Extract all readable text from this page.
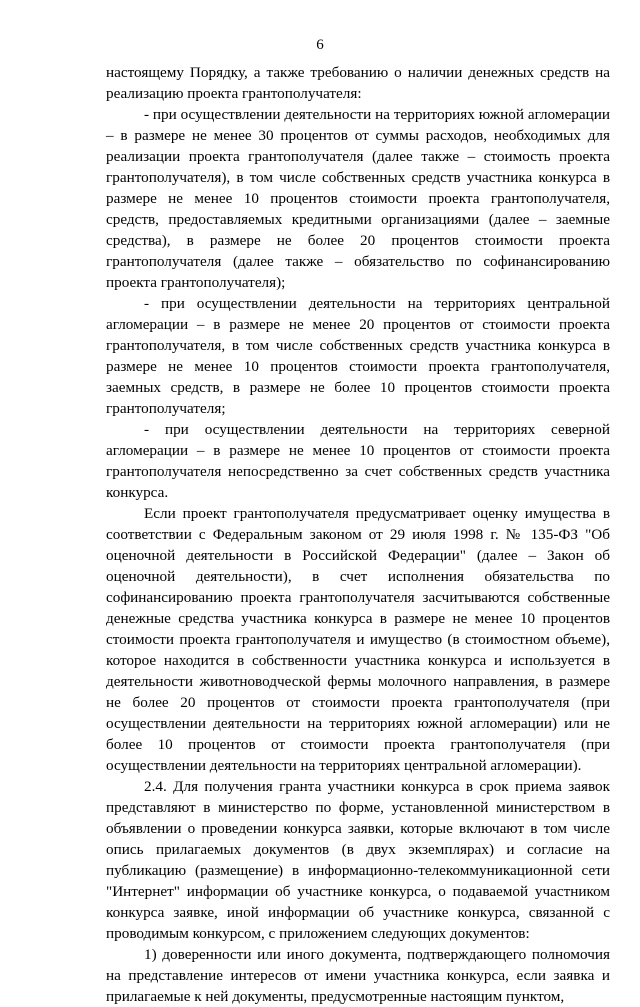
6

настоящему Порядку, а также требованию о наличии денежных средств на реализацию проекта грантополучателя:

- при осуществлении деятельности на территориях южной агломерации – в размере не менее 30 процентов от суммы расходов, необходимых для реализации проекта грантополучателя (далее также – стоимость проекта грантополучателя), в том числе собственных средств участника конкурса в размере не менее 10 процентов стоимости проекта грантополучателя, средств, предоставляемых кредитными организациями (далее – заемные средства), в размере не более 20 процентов стоимости проекта грантополучателя (далее также – обязательство по софинансированию проекта грантополучателя);

- при осуществлении деятельности на территориях центральной агломерации – в размере не менее 20 процентов от стоимости проекта грантополучателя, в том числе собственных средств участника конкурса в размере не менее 10 процентов стоимости проекта грантополучателя, заемных средств, в размере не более 10 процентов стоимости проекта грантополучателя;

- при осуществлении деятельности на территориях северной агломерации – в размере не менее 10 процентов от стоимости проекта грантополучателя непосредственно за счет собственных средств участника конкурса.

Если проект грантополучателя предусматривает оценку имущества в соответствии с Федеральным законом от 29 июля 1998 г. № 135-ФЗ "Об оценочной деятельности в Российской Федерации" (далее – Закон об оценочной деятельности), в счет исполнения обязательства по софинансированию проекта грантополучателя засчитываются собственные денежные средства участника конкурса в размере не менее 10 процентов стоимости проекта грантополучателя и имущество (в стоимостном объеме), которое находится в собственности участника конкурса и используется в деятельности животноводческой фермы молочного направления, в размере не более 20 процентов от стоимости проекта грантополучателя (при осуществлении деятельности на территориях южной агломерации) или не более 10 процентов от стоимости проекта грантополучателя (при осуществлении деятельности на территориях центральной агломерации).

2.4. Для получения гранта участники конкурса в срок приема заявок представляют в министерство по форме, установленной министерством в объявлении о проведении конкурса заявки, которые включают в том числе опись прилагаемых документов (в двух экземплярах) и согласие на публикацию (размещение) в информационно-телекоммуникационной сети "Интернет" информации об участнике конкурса, о подаваемой участником конкурса заявке, иной информации об участнике конкурса, связанной с проводимым конкурсом, с приложением следующих документов:

1) доверенности или иного документа, подтверждающего полномочия на представление интересов от имени участника конкурса, если заявка и прилагаемые к ней документы, предусмотренные настоящим пунктом,
